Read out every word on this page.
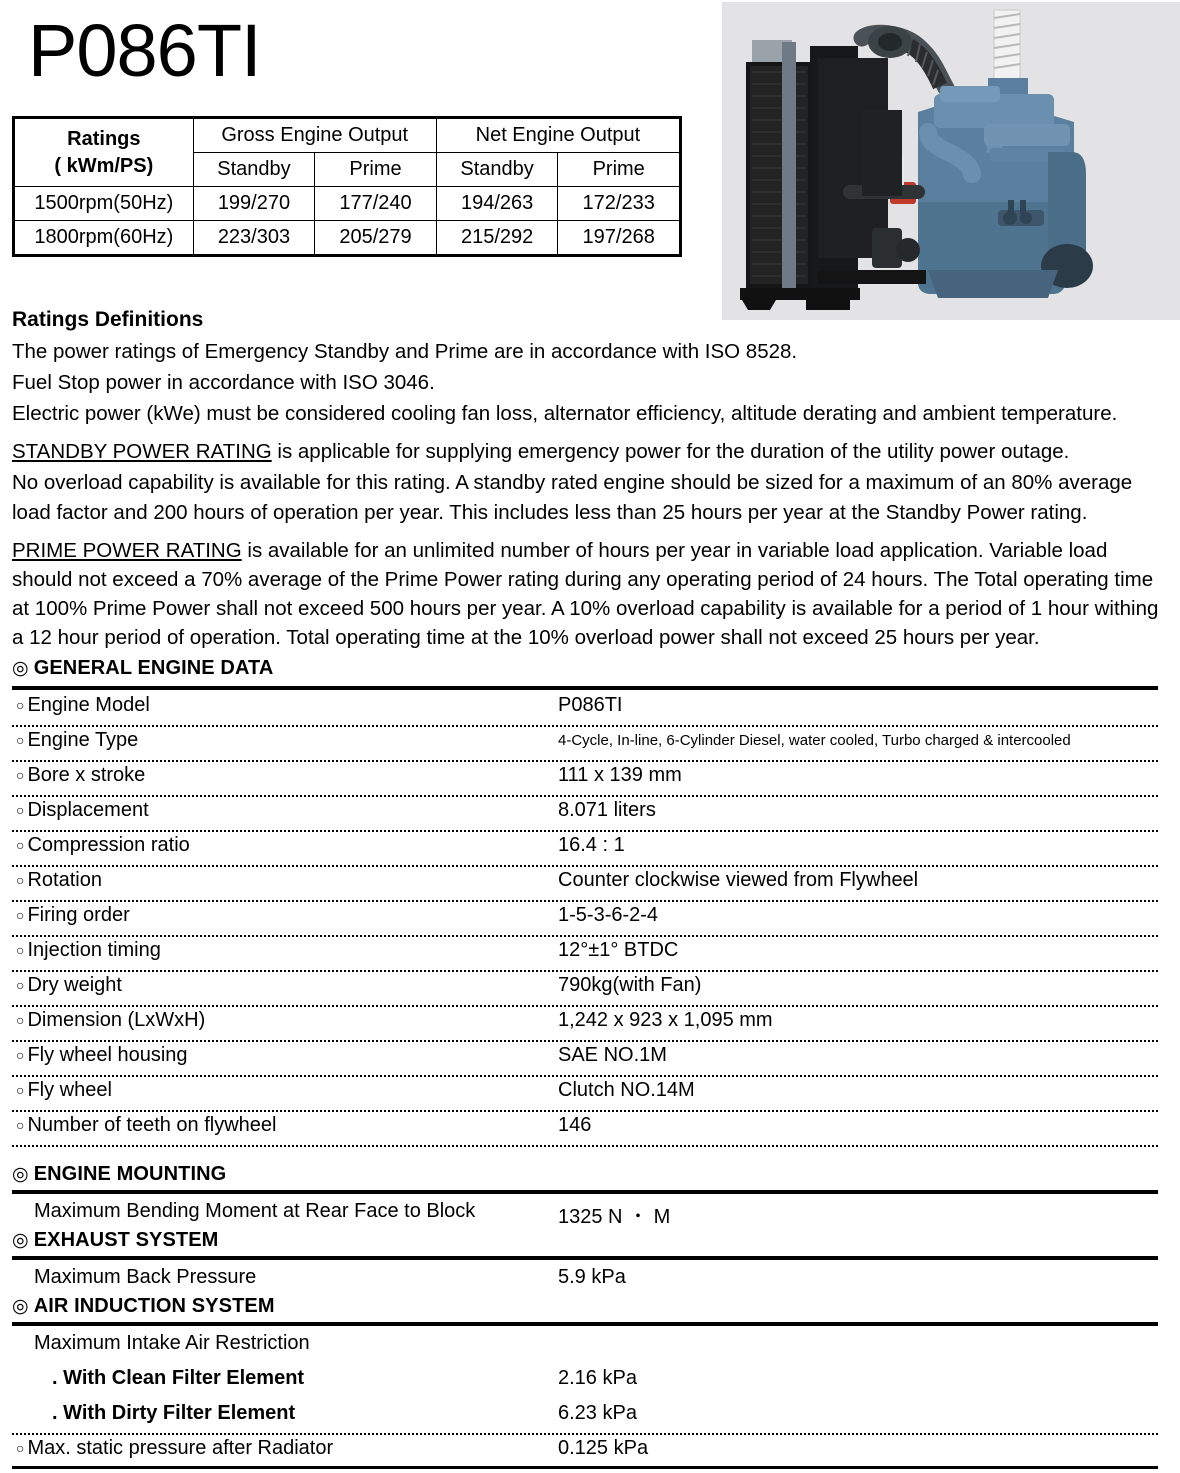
P086TI
Ratings
( kWm/PS)	Gross Engine Output		Net Engine Output	
	Standby	Prime	Standby	Prime
1500rpm(50Hz)	199/270	177/240	194/263	172/233
1800rpm(60Hz)	223/303	205/279	215/292	197/268
Ratings Definitions

The power ratings of Emergency Standby and Prime are in accordance with ISO 8528.

Fuel Stop power in accordance with ISO 3046.

Electric power (kWe) must be considered cooling fan loss, alternator efficiency, altitude derating and ambient temperature.

STANDBY POWER RATING is applicable for supplying emergency power for the duration of the utility power outage.

No overload capability is available for this rating. A standby rated engine should be sized for a maximum of an 80% average load factor and 200 hours of operation per year. This includes less than 25 hours per year at the Standby Power rating.

PRIME POWER RATING is available for an unlimited number of hours per year in variable load application. Variable load should not exceed a 70% average of the Prime Power rating during any operating period of 24 hours. The Total operating time at 100% Prime Power shall not exceed 500 hours per year. A 10% overload capability is available for a period of 1 hour withing a 12 hour period of operation. Total operating time at the 10% overload power shall not exceed 25 hours per year.

◎ GENERAL ENGINE DATA
○ Engine Model	P086TI
○ Engine Type	4-Cycle, In-line, 6-Cylinder Diesel, water cooled, Turbo charged & intercooled
○ Bore x stroke	111 x 139 mm
○ Displacement	8.071 liters
○ Compression ratio	16.4 : 1
○ Rotation	Counter clockwise viewed from Flywheel
○ Firing order	1-5-3-6-2-4
○ Injection timing	12°±1° BTDC
○ Dry weight	790kg(with Fan)
○ Dimension (LxWxH)	1,242 x 923 x 1,095 mm
○ Fly wheel housing	SAE NO.1M
○ Fly wheel	Clutch NO.14M
○ Number of teeth on flywheel	146
◎ ENGINE MOUNTING
Maximum Bending Moment at Rear Face to Block	1325 N ・ M
◎ EXHAUST SYSTEM
Maximum Back Pressure	5.9 kPa
◎ AIR INDUCTION SYSTEM
Maximum Intake Air Restriction
. With Clean Filter Element	2.16 kPa
. With Dirty Filter Element	6.23 kPa
○ Max. static pressure after Radiator	0.125 kPa
